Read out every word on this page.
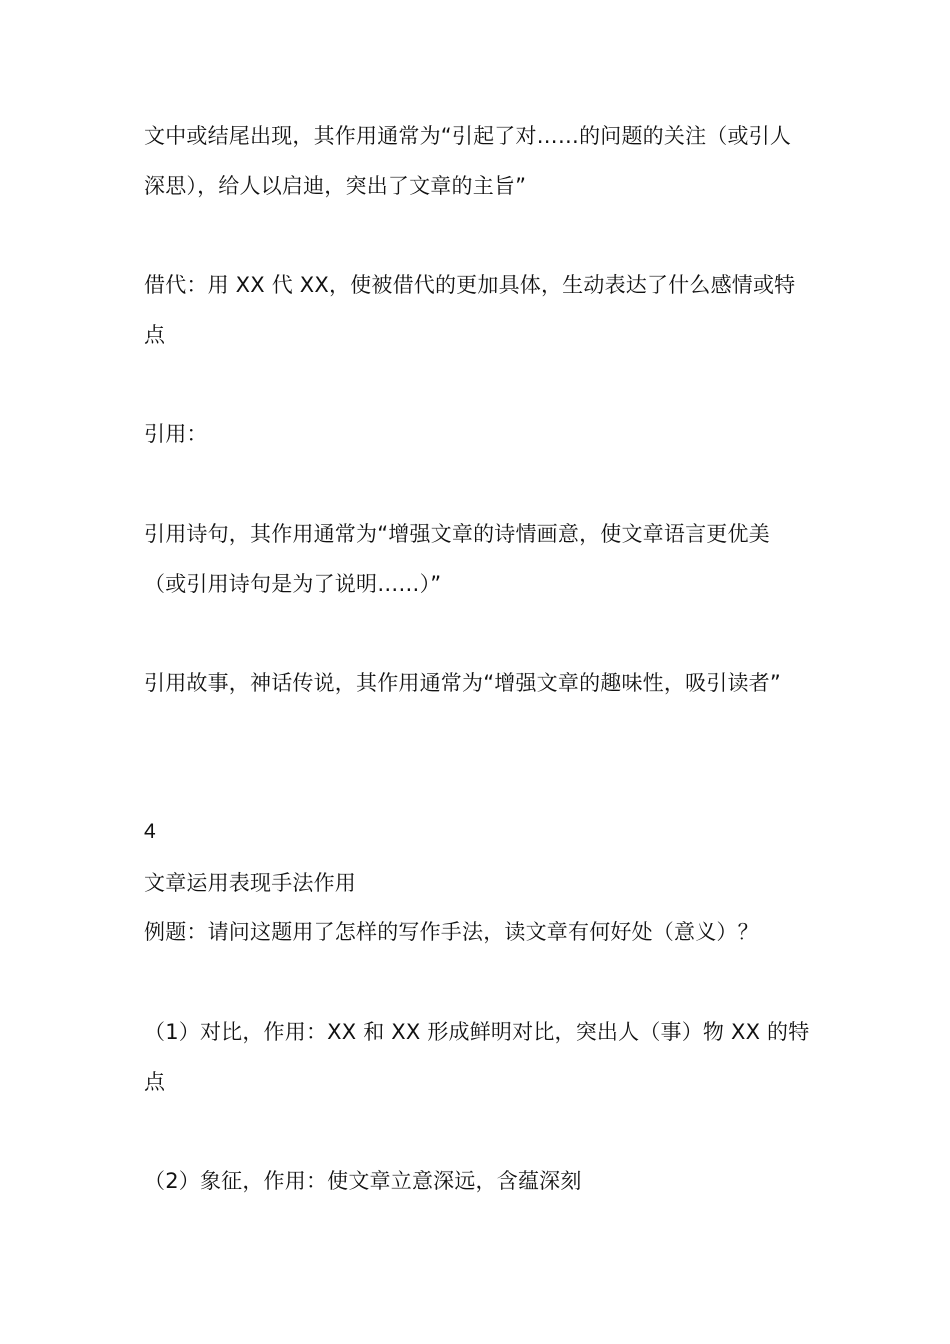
文中或结尾出现，其作用通常为“引起了对……的问题的关注（或引人
深思），给人以启迪，突出了文章的主旨”
借代：用 XX 代 XX，使被借代的更加具体，生动表达了什么感情或特
点
引用：
引用诗句，其作用通常为“增强文章的诗情画意，使文章语言更优美
（或引用诗句是为了说明……）”
引用故事，神话传说，其作用通常为“增强文章的趣味性，吸引读者”
4
文章运用表现手法作用
例题：请问这题用了怎样的写作手法，读文章有何好处（意义）？
（1）对比，作用：XX 和 XX 形成鲜明对比，突出人（事）物 XX 的特
点
（2）象征，作用：使文章立意深远，含蕴深刻
